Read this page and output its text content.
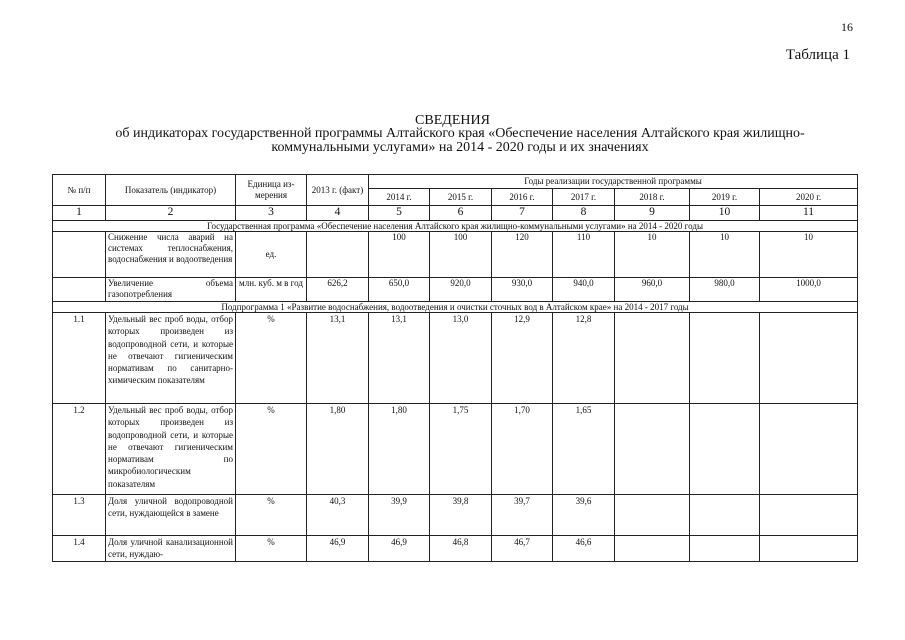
16
Таблица 1
СВЕДЕНИЯ
об индикаторах государственной программы Алтайского края «Обеспечение населения Алтайского края жилищно-коммунальными услугами» на 2014 - 2020 годы и их значениях
№ п/п	Показатель (индикатор)	Единица из-мерения	2013 г. (факт)	Годы реализации государственной программы						
				2014 г.	2015 г.	2016 г.	2017 г.	2018 г.	2019 г.	2020 г.
1	2	3	4	5	6	7	8	9	10	11
Государственная программа «Обеспечение населения Алтайского края жилищно-коммунальными услугами» на 2014 - 2020 годы										
	Снижение числа аварий на системах теплоснабжения, водоснабжения и водоотведения	ед.		100	100	120	110	10	10	10
	Увеличение объема газопотребления	млн. куб. м в год	626,2	650,0	920,0	930,0	940,0	960,0	980,0	1000,0
Подпрограмма 1 «Развитие водоснабжения, водоотведения и очистки сточных вод в Алтайском крае» на 2014 - 2017 годы										
1.1	Удельный вес проб воды, отбор которых произведен из водопроводной сети, и которые не отвечают гигиеническим нормативам по санитарно-химическим показателям	%	13,1	13,1	13,0	12,9	12,8			
1.2	Удельный вес проб воды, отбор которых произведен из водопроводной сети, и которые не отвечают гигиеническим нормативам по микробиологическим показателям	%	1,80	1,80	1,75	1,70	1,65			
1.3	Доля уличной водопроводной сети, нуждающейся в замене	%	40,3	39,9	39,8	39,7	39,6			
1.4	Доля уличной канализационной сети, нуждаю-	%	46,9	46,9	46,8	46,7	46,6			
